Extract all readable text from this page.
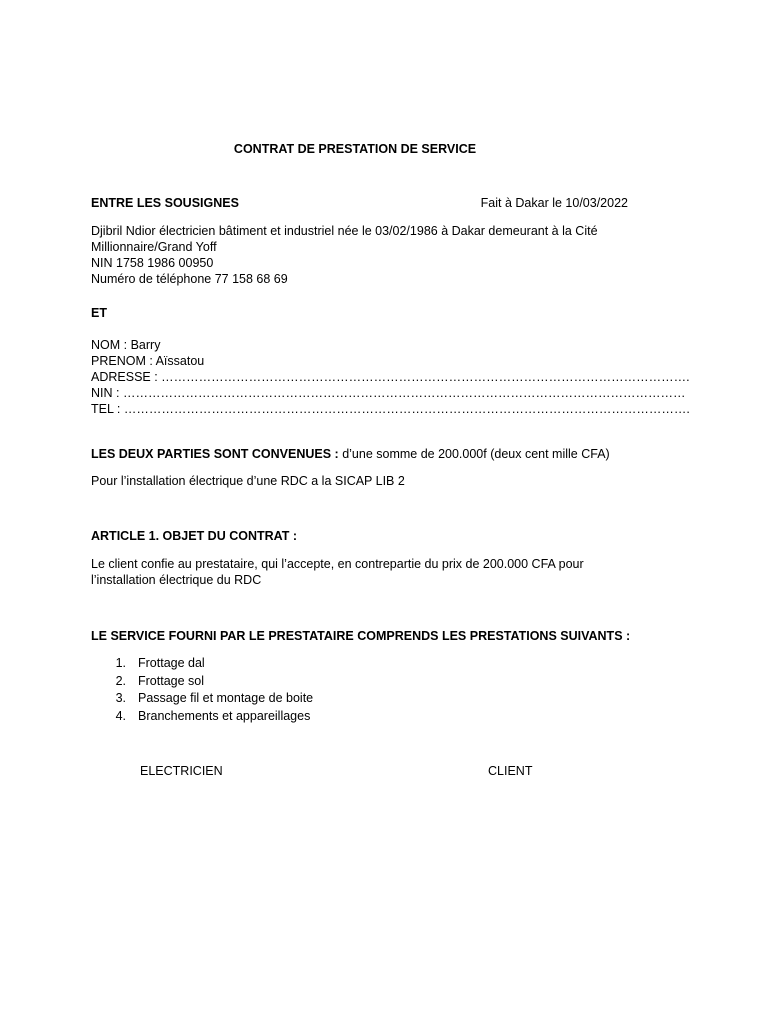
CONTRAT DE PRESTATION DE SERVICE
ENTRE LES SOUSIGNES	Fait à Dakar le 10/03/2022
Djibril Ndior électricien bâtiment et industriel née le 03/02/1986 à Dakar demeurant à la Cité
Millionnaire/Grand Yoff
NIN 1758 1986 00950
Numéro de téléphone 77 158 68 69
ET
NOM : Barry
PRENOM : Aïssatou
ADRESSE : ……………………………………………………………………………………………………………….
NIN : ………………………………………………………………………………………………………………………
TEL : ……………………………………………………………………………………………………………………….
LES DEUX PARTIES SONT CONVENUES : d’une somme de 200.000f (deux cent mille CFA)
Pour l’installation électrique d’une RDC a la SICAP LIB 2
ARTICLE 1. OBJET DU CONTRAT :
Le client confie au prestataire, qui l’accepte, en contrepartie du prix de 200.000 CFA pour
l’installation électrique du RDC
LE SERVICE FOURNI PAR LE PRESTATAIRE COMPRENDS LES PRESTATIONS SUIVANTS :
1. Frottage dal
2. Frottage sol
3. Passage fil et montage de boite
4. Branchements et appareillages
ELECTRICIEN	CLIENT
